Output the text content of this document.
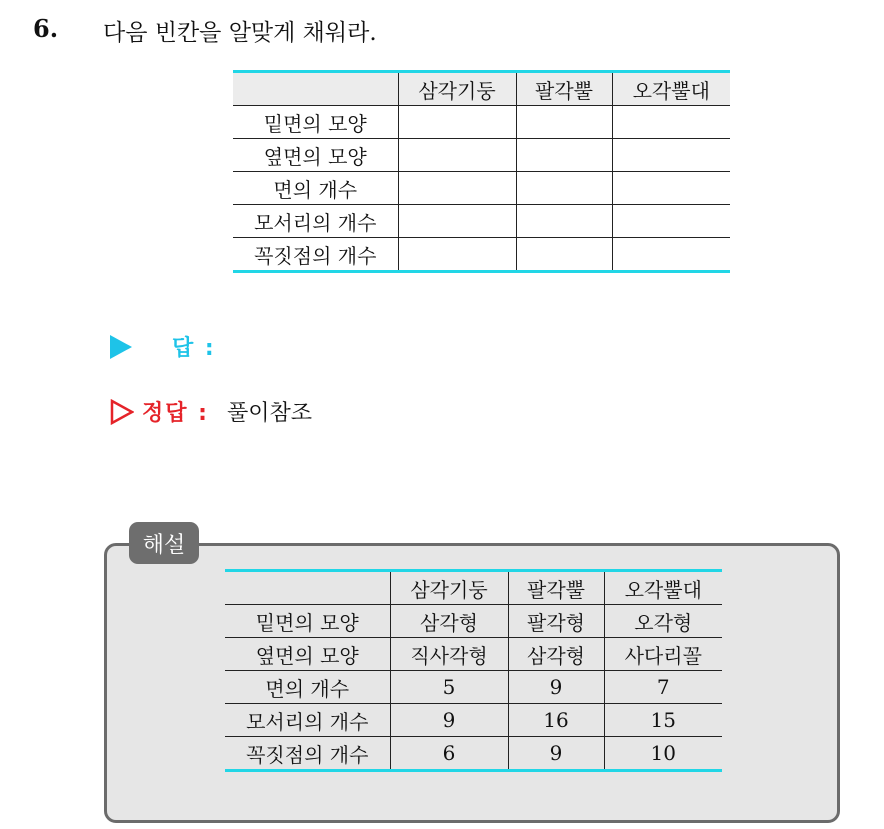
6. 다음 빈칸을 알맞게 채워라.
	삼각기둥	팔각뿔	오각뿔대
밑면의 모양			
옆면의 모양			
면의 개수			
모서리의 개수			
꼭짓점의 개수			
답 :
정답 : 풀이참조
해설
	삼각기둥	팔각뿔	오각뿔대
밑면의 모양	삼각형	팔각형	오각형
옆면의 모양	직사각형	삼각형	사다리꼴
면의 개수	5	9	7
모서리의 개수	9	16	15
꼭짓점의 개수	6	9	10
